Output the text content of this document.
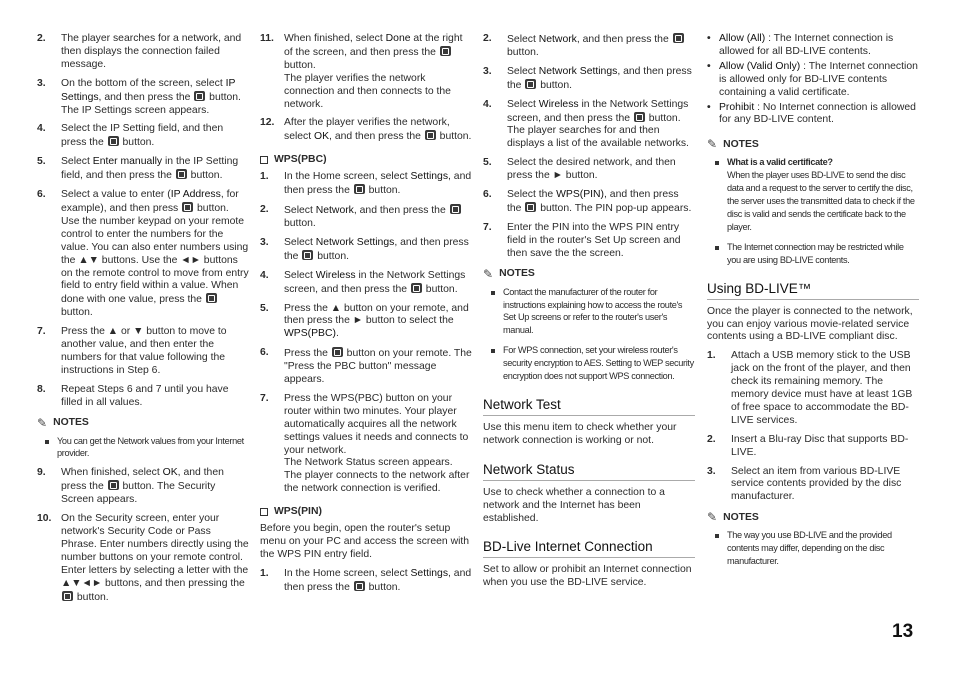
2.	The player searches for a network, and then displays the connection failed message.
3.	On the bottom of the screen, select IP Settings, and then press the  button.
The IP Settings screen appears.
4.	Select the IP Setting field, and then press the  button.
5.	Select Enter manually in the IP Setting field, and then press the  button.
6.	Select a value to enter (IP Address, for example), and then press  button. Use the number keypad on your remote control to enter the numbers for the value. You can also enter numbers using the ▲▼ buttons. Use the ◄► buttons on the remote control to move from entry field to entry field within a value. When done with one value, press the  button.
7.	Press the ▲ or ▼ button to move to another value, and then enter the numbers for that value following the instructions in Step 6.
8.	Repeat Steps 6 and 7 until you have filled in all values.
✎ NOTES
You can get the Network values from your Internet provider.
9.	When finished, select OK, and then press the  button. The Security Screen appears.
10. On the Security screen, enter your network's Security Code or Pass Phrase. Enter numbers directly using the number buttons on your remote control. Enter letters by selecting a letter with the ▲▼◄► buttons, and then pressing the  button.
11. When finished, select Done at the right of the screen, and then press the  button.
The player verifies the network connection and then connects to the network.
12. After the player verifies the network, select OK, and then press the  button.
WPS(PBC)
1.	In the Home screen, select Settings, and then press the  button.
2.	Select Network, and then press the  button.
3.	Select Network Settings, and then press the  button.
4.	Select Wireless in the Network Settings screen, and then press the  button.
5.	Press the ▲ button on your remote, and then press the ► button to select the WPS(PBC).
6.	Press the  button on your remote. The "Press the PBC button" message appears.
7.	Press the WPS(PBC) button on your router within two minutes. Your player automatically acquires all the network settings values it needs and connects to your network.
The Network Status screen appears. The player connects to the network after the network connection is verified.
WPS(PIN)
Before you begin, open the router's setup menu on your PC and access the screen with the WPS PIN entry field.
1.	In the Home screen, select Settings, and then press the  button.
2.	Select Network, and then press the  button.
3.	Select Network Settings, and then press the  button.
4.	Select Wireless in the Network Settings screen, and then press the  button. The player searches for and then displays a list of the available networks.
5.	Select the desired network, and then press the ► button.
6.	Select the WPS(PIN), and then press the  button. The PIN pop-up appears.
7.	Enter the PIN into the WPS PIN entry field in the router's Set Up screen and then save the the screen.
✎ NOTES
Contact the manufacturer of the router for instructions explaining how to access the route's Set Up screens or refer to the router's user's manual.
For WPS connection, set your wireless router's security encryption to AES. Setting to WEP security encryption does not support WPS connection.
Network Test
Use this menu item to check whether your network connection is working or not.
Network Status
Use to check whether a connection to a network and the Internet has been established.
BD-Live Internet Connection
Set to allow or prohibit an Internet connection when you use the BD-LIVE service.
• Allow (All) : The Internet connection is allowed for all BD-LIVE contents.
• Allow (Valid Only) : The Internet connection is allowed only for BD-LIVE contents containing a valid certificate.
• Prohibit : No Internet connection is allowed for any BD-LIVE content.
✎ NOTES
What is a valid certificate?
When the player uses BD-LIVE to send the disc data and a request to the server to certify the disc, the server uses the transmitted data to check if the disc is valid and sends the certificate back to the player.
The Internet connection may be restricted while you are using BD-LIVE contents.
Using BD-LIVE™
Once the player is connected to the network, you can enjoy various movie-related service contents using a BD-LIVE compliant disc.
1.	Attach a USB memory stick to the USB jack on the front of the player, and then check its remaining memory. The memory device must have at least 1GB of free space to accommodate the BD-LIVE services.
2.	Insert a Blu-ray Disc that supports BD-LIVE.
3.	Select an item from various BD-LIVE service contents provided by the disc manufacturer.
✎ NOTES
The way you use BD-LIVE and the provided contents may differ, depending on the disc manufacturer.
13
